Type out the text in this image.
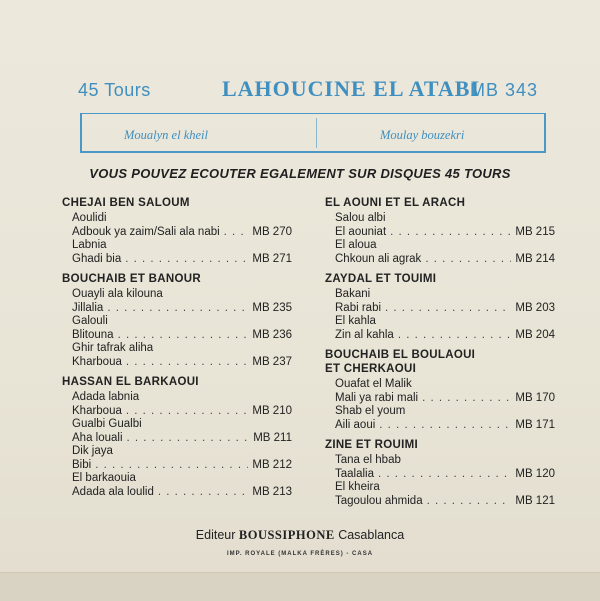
45 Tours	LAHOUCINE EL ATABI
MB 343
Moualyn el kheil	Moulay bouzekri
VOUS POUVEZ ECOUTER EGALEMENT SUR DISQUES 45 TOURS
CHEJAI BEN SALOUM
Aoulidi
Adbouk ya zaim/Sali ala nabi . . .	MB 270
Labnia
Ghadi bia . . .	MB 271
BOUCHAIB ET BANOUR
Ouayli ala kilouna
Jillalia . . .	MB 235
Galouli
Blitouna . . .	MB 236
Ghir tafrak aliha
Kharboua . . .	MB 237
HASSAN EL BARKAOUI
Adada labnia
Kharboua . . .	MB 210
Gualbi Gualbi
Aha louali . . .	MB 211
Dik jaya
Bibi . . .	MB 212
El barkaouia
Adada ala loulid . . .	MB 213
EL AOUNI ET EL ARACH
Salou albi
El aouniat . . .	MB 215
El aloua
Chkoun ali agrak . . .	MB 214
ZAYDAL ET TOUIMI
Bakani
Rabi rabi . . .	MB 203
El kahla
Zin al kahla . . .	MB 204
BOUCHAIB EL BOULAOUI
ET CHERKAOUI
Ouafat el Malik
Mali ya rabi mali . . .	MB 170
Shab el youm
Aili aoui . . .	MB 171
ZINE ET ROUIMI
Tana el hbab
Taalalia . . .	MB 120
El kheira
Tagoulou ahmida . . .	MB 121
Editeur BOUSSIPHONE Casablanca
IMP. ROYALE (MALKA FRÈRES) - CASA
